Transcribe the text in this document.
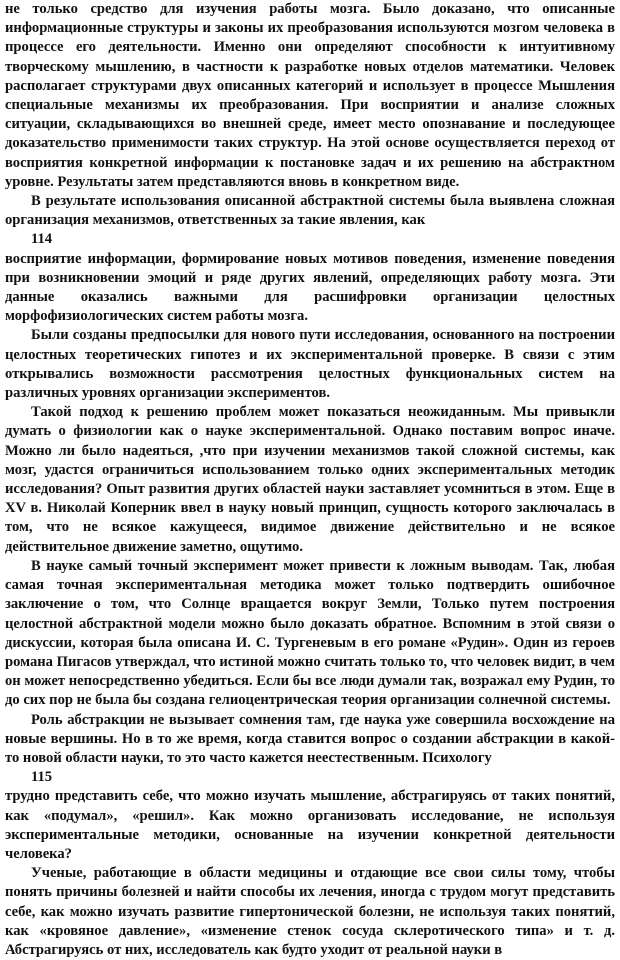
не только средство для изучения работы мозга. Было доказано, что описанные информационные структуры и законы их преобразования используются мозгом человека в процессе его деятельности. Именно они определяют способности к интуитивному творческому мышлению, в частности к разработке новых отделов математики. Человек располагает структурами двух описанных категорий и использует в процессе Мышления специальные механизмы их преобразования. При восприятии и анализе сложных ситуации, складывающихся во внешней среде, имеет место опознавание и последующее доказательство применимости таких структур. На этой основе осуществляется переход от восприятия конкретной информации к постановке задач и их решению на абстрактном уровне. Результаты затем представляются вновь в конкретном виде.

В результате использования описанной абстрактной системы была выявлена сложная организация механизмов, ответственных за такие явления, как

114

восприятие информации, формирование новых мотивов поведения, изменение поведения при возникновении эмоций и ряде других явлений, определяющих работу мозга. Эти данные оказались важными для расшифровки организации целостных морфофизиологических систем работы мозга.

Были созданы предпосылки для нового пути исследования, основанного на построении целостных теоретических гипотез и их экспериментальной проверке. В связи с этим открывались возможности рассмотрения целостных функциональных систем на различных уровнях организации экспериментов.

Такой подход к решению проблем может показаться неожиданным. Мы привыкли думать о физиологии как о науке экспериментальной. Однако поставим вопрос иначе. Можно ли было надеяться, ,что при изучении механизмов такой сложной системы, как мозг, удастся ограничиться использованием только одних экспериментальных методик исследования? Опыт развития других областей науки заставляет усомниться в этом. Еще в XV в. Николай Коперник ввел в науку новый принцип, сущность которого заключалась в том, что не всякое кажущееся, видимое движение действительно и не всякое действительное движение заметно, ощутимо.

В науке самый точный эксперимент может привести к ложным выводам. Так, любая самая точная экспериментальная методика может только подтвердить ошибочное заключение о том, что Солнце вращается вокруг Земли, Только путем построения целостной абстрактной модели можно было доказать обратное. Вспомним в этой связи о дискуссии, которая была описана И. С. Тургеневым в его романе «Рудин». Один из героев романа Пигасов утверждал, что истиной можно считать только то, что человек видит, в чем он может непосредственно убедиться. Если бы все люди думали так, возражал ему Рудин, то до сих пор не была бы создана гелиоцентрическая теория организации солнечной системы.

Роль абстракции не вызывает сомнения там, где наука уже совершила восхождение на новые вершины. Но в то же время, когда ставится вопрос о создании абстракции в какой-то новой области науки, то это часто кажется неестественным. Психологу

115

трудно представить себе, что можно изучать мышление, абстрагируясь от таких понятий, как «подумал», «решил». Как можно организовать исследование, не используя экспериментальные методики, основанные на изучении конкретной деятельности человека?

Ученые, работающие в области медицины и отдающие все свои силы тому, чтобы понять причины болезней и найти способы их лечения, иногда с трудом могут представить себе, как можно изучать развитие гипертонической болезни, не используя таких понятий, как «кровяное давление», «изменение стенок сосуда склеротического типа» и т. д. Абстрагируясь от них, исследователь как будто уходит от реальной науки в
